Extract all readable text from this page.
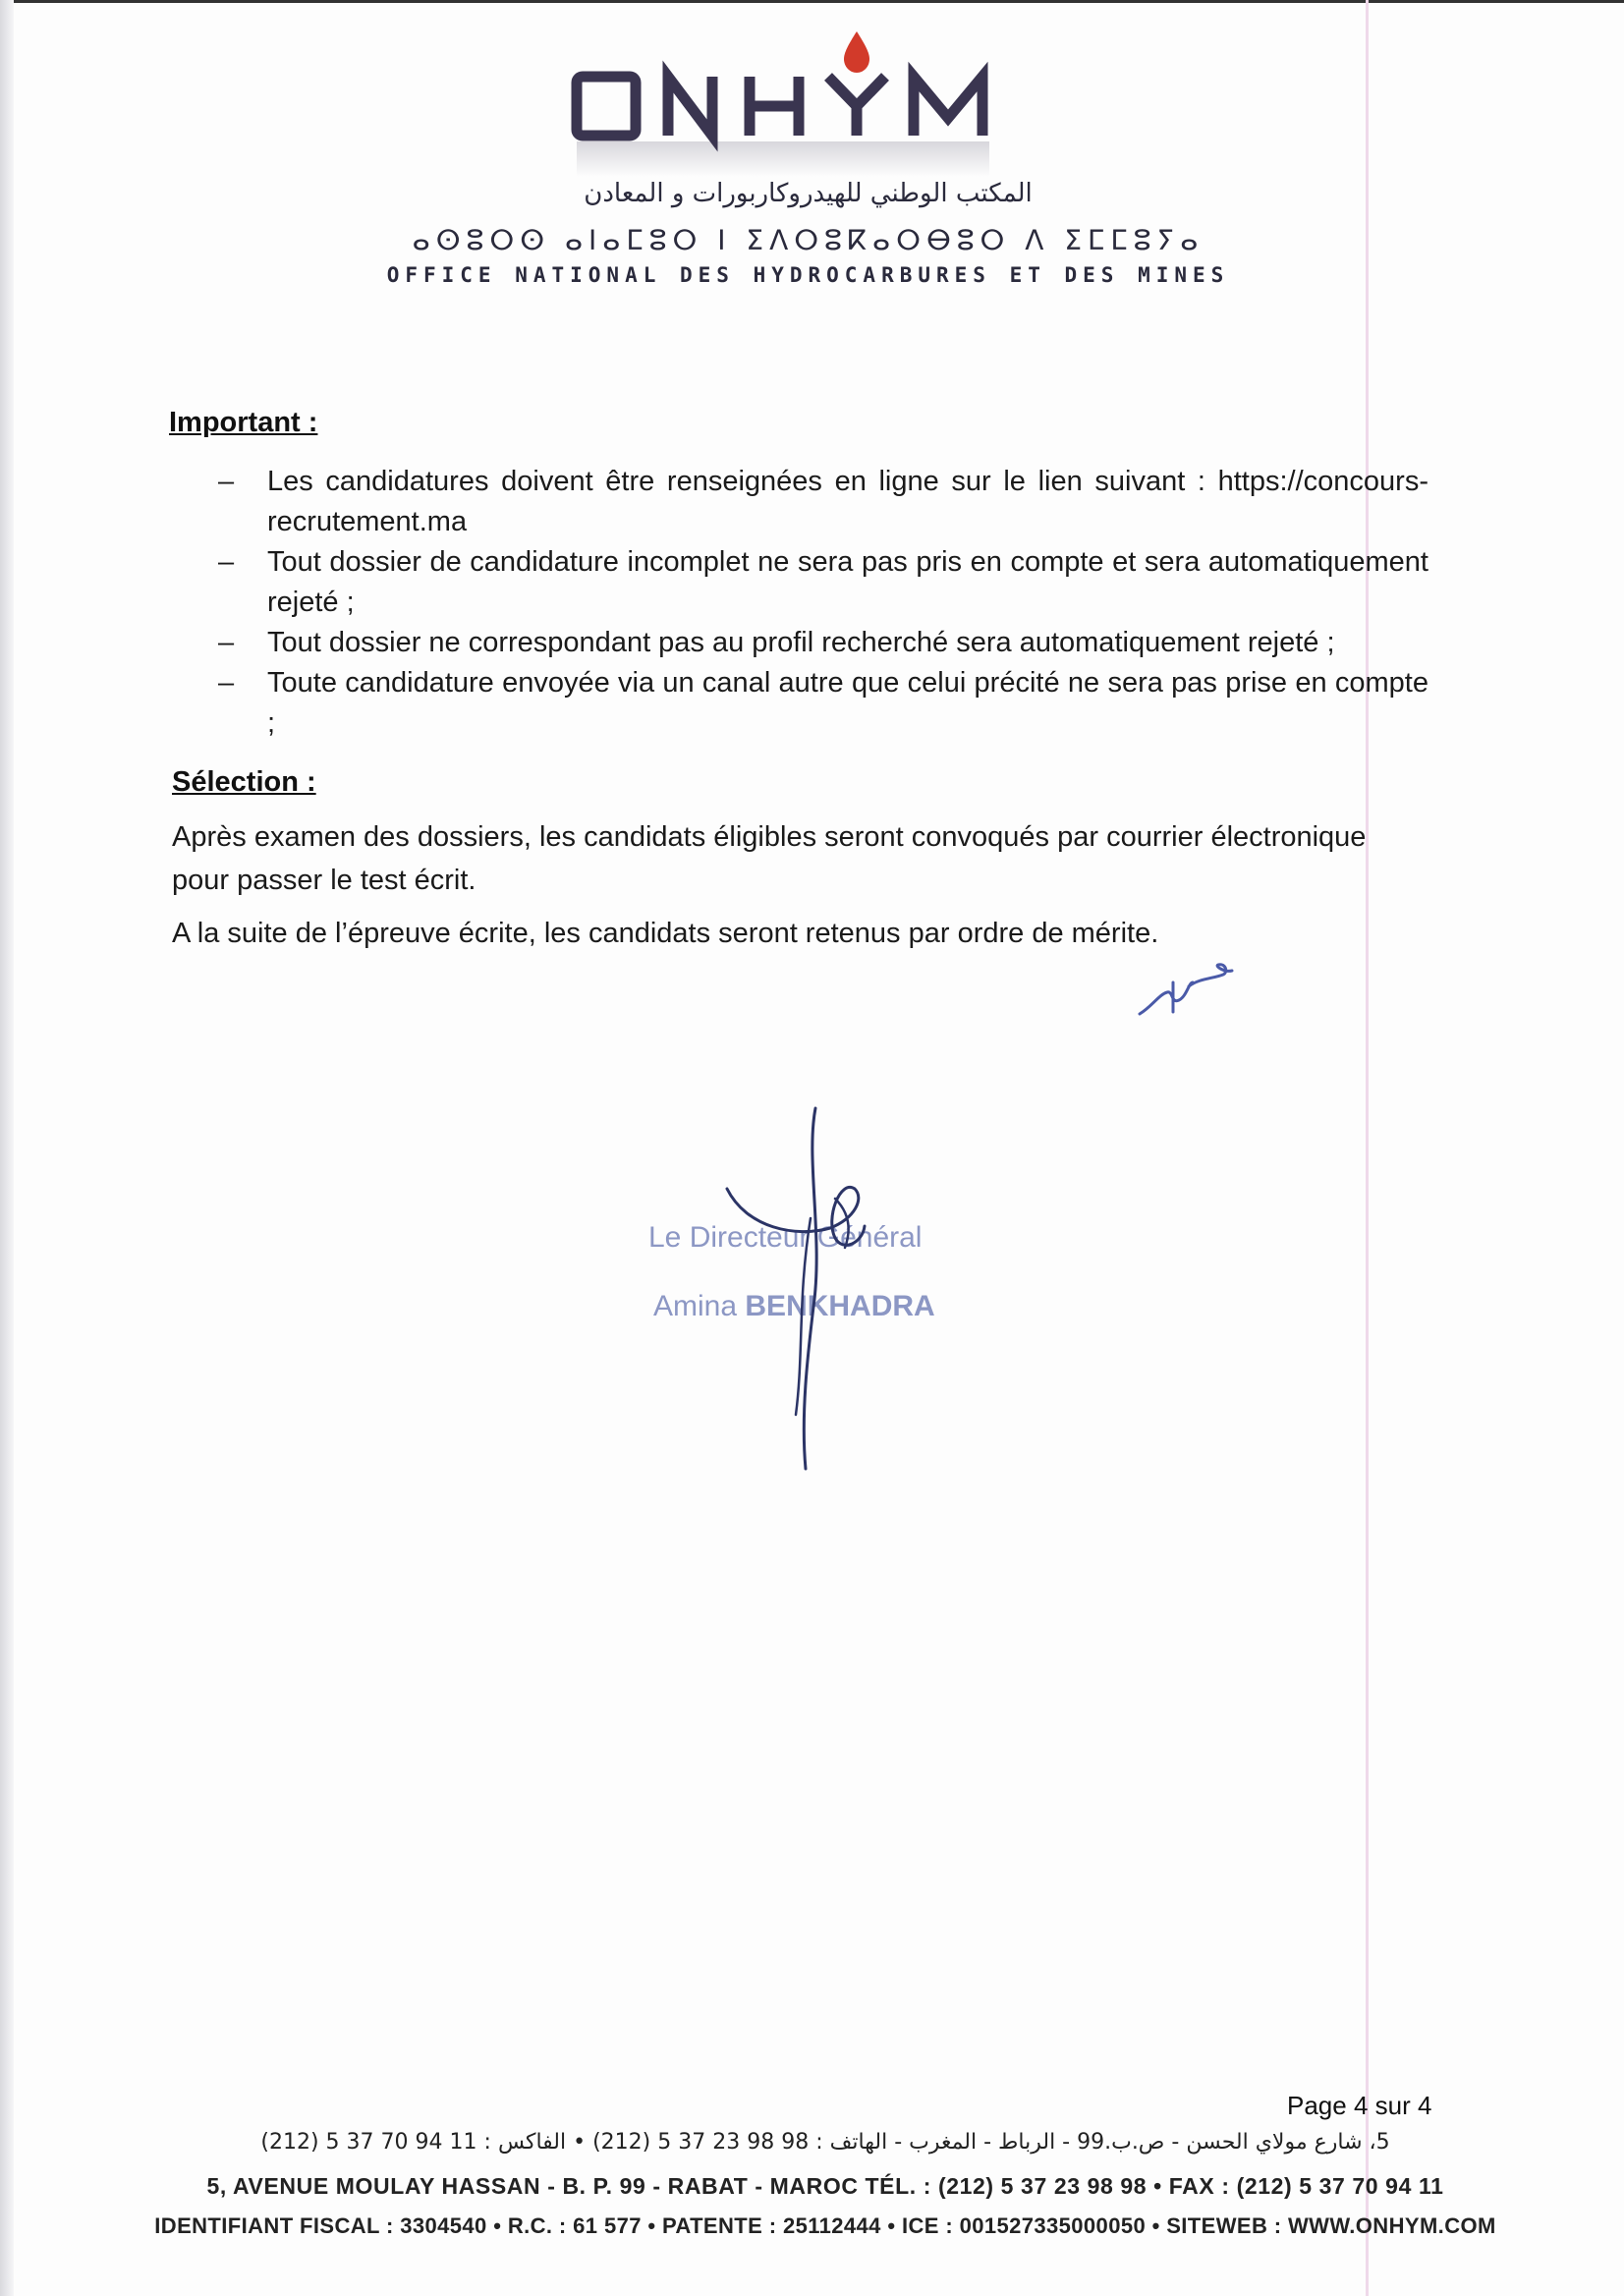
المكتب الوطني للهيدروكاربورات و المعادن
ⴰⵙⵓⵔⵙ ⴰⵏⴰⵎⵓⵔ ⵏ ⵉⴷⵔⵓⴽⴰⵔⴱⵓⵔ ⴷ ⵉⵎⵎⵓⵢⴰ
OFFICE NATIONAL DES HYDROCARBURES ET DES MINES
Important :
– Les candidatures doivent être renseignées en ligne sur le lien suivant : https://concours-recrutement.ma
– Tout dossier de candidature incomplet ne sera pas pris en compte et sera automatiquement rejeté ;
– Tout dossier ne correspondant pas au profil recherché sera automatiquement rejeté ;
– Toute candidature envoyée via un canal autre que celui précité ne sera pas prise en compte ;
Sélection :
Après examen des dossiers, les candidats éligibles seront convoqués par courrier électronique pour passer le test écrit.
A la suite de l’épreuve écrite, les candidats seront retenus par ordre de mérite.
Le Directeur Général
Amina BENKHADRA
Page 4 sur 4
5، شارع مولاي الحسن - ص.ب.99 - الرباط - المغرب - الهاتف : 98 98 23 37 5 (212) • الفاكس : 11 94 70 37 5 (212)
5, AVENUE MOULAY HASSAN - B. P. 99 - RABAT - MAROC TÉL. : (212) 5 37 23 98 98 • FAX : (212) 5 37 70 94 11
IDENTIFIANT FISCAL : 3304540 • R.C. : 61 577 • PATENTE : 25112444 • ICE : 001527335000050 • SITEWEB : WWW.ONHYM.COM
